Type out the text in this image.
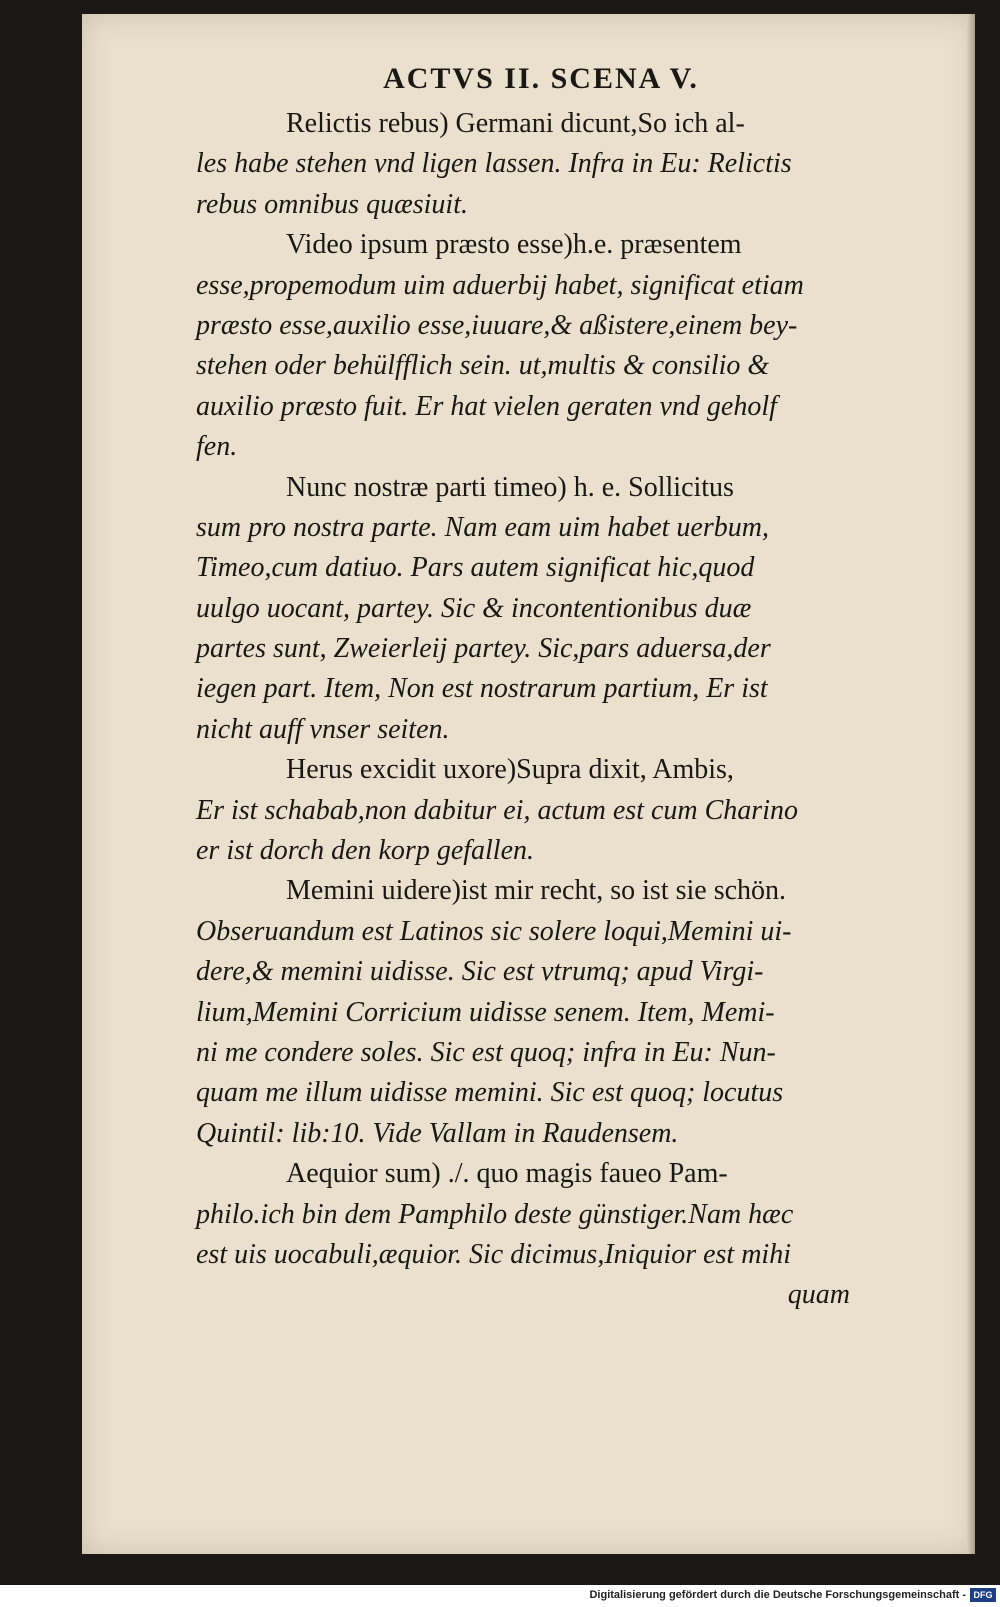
ACTVS II. SCENA V.
Relictis rebus) Germani dicunt,So ich al-
les habe stehen vnd ligen lassen. Infra in Eu: Relictis
rebus omnibus quæsiuit.
Video ipsum præsto esse)h.e. præsentem
esse,propemodum uim aduerbij habet, significat etiam
præsto esse,auxilio esse,iuuare,& aßistere,einem bey-
stehen oder behülfflich sein. ut,multis & consilio &
auxilio præsto fuit. Er hat vielen geraten vnd geholf
fen.
Nunc nostræ parti timeo) h. e. Sollicitus
sum pro nostra parte. Nam eam uim habet uerbum,
Timeo,cum datiuo. Pars autem significat hic,quod
uulgo uocant, partey. Sic & incontentionibus duæ
partes sunt, Zweierleij partey. Sic,pars aduersa,der
iegen part. Item, Non est nostrarum partium, Er ist
nicht auff vnser seiten.
Herus excidit uxore)Supra dixit, Ambis,
Er ist schabab,non dabitur ei, actum est cum Charino
er ist dorch den korp gefallen.
Memini uidere)ist mir recht, so ist sie schön.
Obseruandum est Latinos sic solere loqui,Memini ui-
dere,& memini uidisse. Sic est vtrumq; apud Virgi-
lium,Memini Corricium uidisse senem. Item, Memi-
ni me condere soles. Sic est quoq; infra in Eu: Nun-
quam me illum uidisse memini. Sic est quoq; locutus
Quintil: lib:10. Vide Vallam in Raudensem.
Aequior sum) ./. quo magis faueo Pam-
philo.ich bin dem Pamphilo deste günstiger.Nam hæc
est uis uocabuli,æquior. Sic dicimus,Iniquior est mihi
quam
Digitalisierung gefördert durch die Deutsche Forschungsgemeinschaft - DFG
